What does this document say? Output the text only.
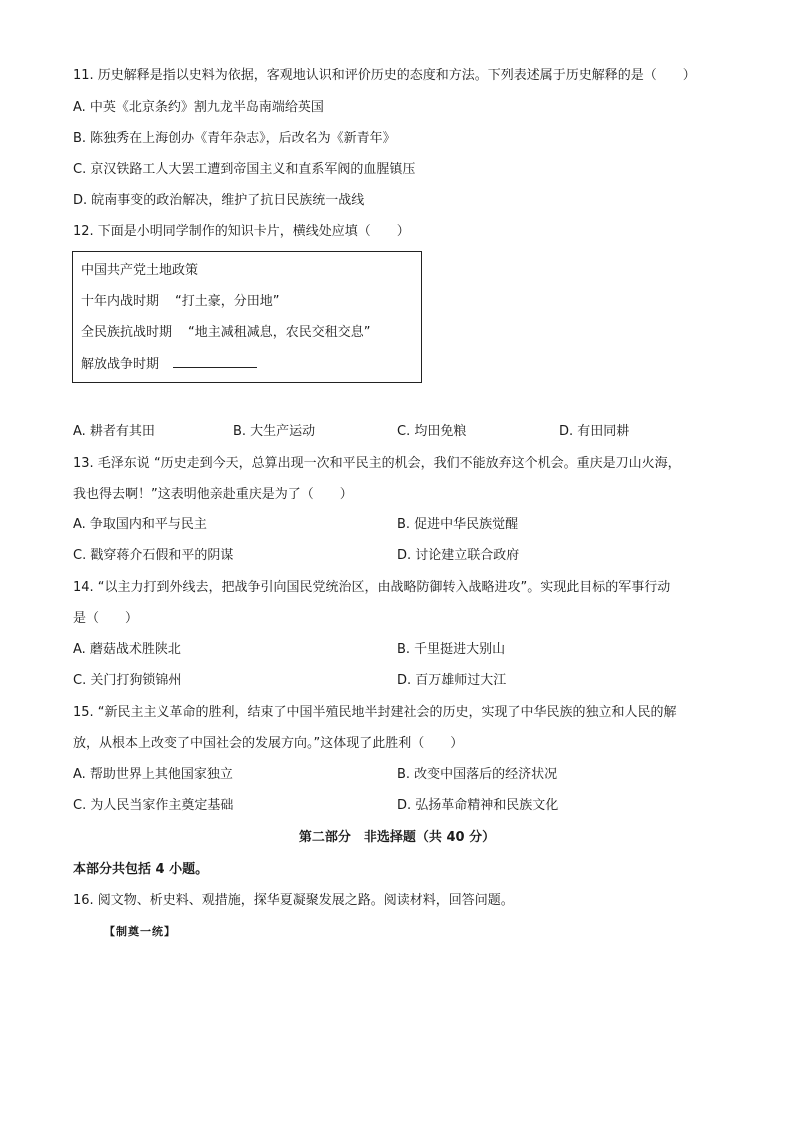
11. 历史解释是指以史料为依据，客观地认识和评价历史的态度和方法。下列表述属于历史解释的是（　　）
A. 中英《北京条约》割九龙半岛南端给英国
B. 陈独秀在上海创办《青年杂志》，后改名为《新青年》
C. 京汉铁路工人大罢工遭到帝国主义和直系军阀的血腥镇压
D. 皖南事变的政治解决，维护了抗日民族统一战线
12. 下面是小明同学制作的知识卡片，横线处应填（　　）
中国共产党土地政策
十年内战时期 “打土豪，分田地”
全民族抗战时期 “地主减租减息，农民交租交息”
解放战争时期
A. 耕者有其田	B. 大生产运动	C. 均田免粮	D. 有田同耕
13. 毛泽东说 “历史走到今天，总算出现一次和平民主的机会，我们不能放弃这个机会。重庆是刀山火海，
我也得去啊！”这表明他亲赴重庆是为了（　　）
A. 争取国内和平与民主	B. 促进中华民族觉醒
C. 戳穿蒋介石假和平的阴谋	D. 讨论建立联合政府
14. “以主力打到外线去，把战争引向国民党统治区，由战略防御转入战略进攻”。实现此目标的军事行动
是（　　）
A. 蘑菇战术胜陕北	B. 千里挺进大别山
C. 关门打狗锁锦州	D. 百万雄师过大江
15. “新民主主义革命的胜利，结束了中国半殖民地半封建社会的历史，实现了中华民族的独立和人民的解
放，从根本上改变了中国社会的发展方向。”这体现了此胜利（　　）
A. 帮助世界上其他国家独立	B. 改变中国落后的经济状况
C. 为人民当家作主奠定基础	D. 弘扬革命精神和民族文化
第二部分　非选择题（共 40 分）
本部分共包括 4 小题。
16. 阅文物、析史料、观措施，探华夏凝聚发展之路。阅读材料，回答问题。
【制奠一统】
